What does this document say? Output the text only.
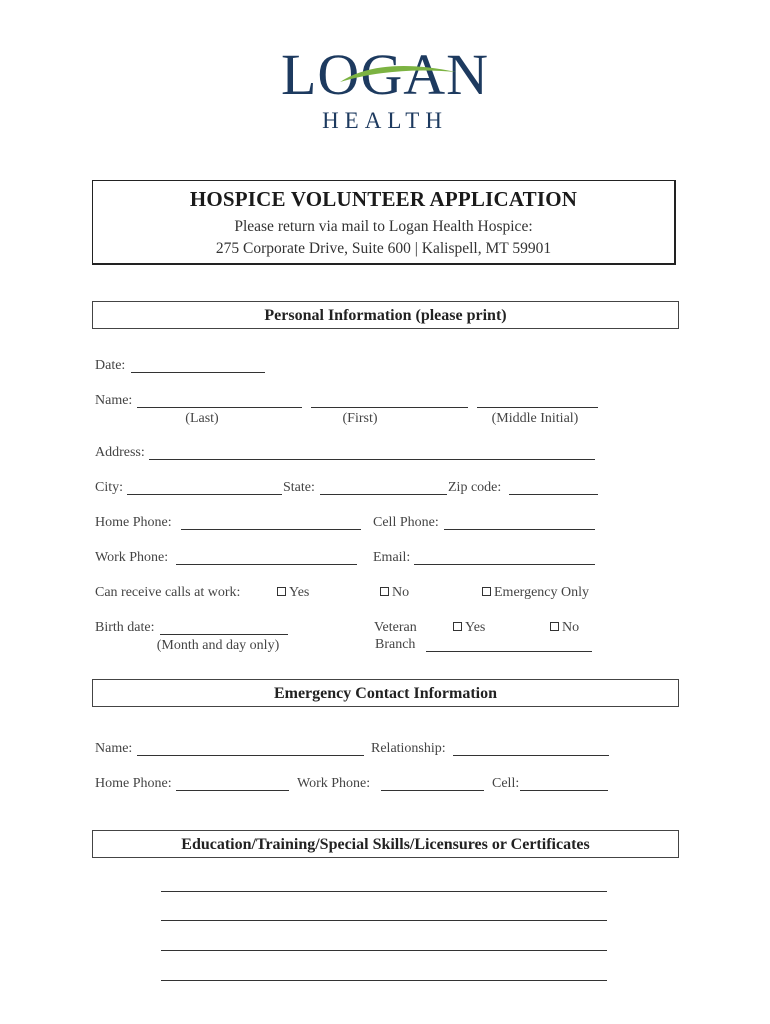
LOGAN
HEALTH
HOSPICE VOLUNTEER APPLICATION
Please return via mail to Logan Health Hospice:
275 Corporate Drive, Suite 600 | Kalispell, MT 59901
Personal Information (please print)
Date:
Name:
(Last)	(First)	(Middle Initial)
Address:
City:	State:	Zip code:
Home Phone:	Cell Phone:
Work Phone:	Email:
Can receive calls at work:	Yes	No	Emergency Only
Birth date:
(Month and day only)
Veteran	Yes	No
Branch
Emergency Contact Information
Name:	Relationship:
Home Phone:	Work Phone:	Cell:
Education/Training/Special Skills/Licensures or Certificates
